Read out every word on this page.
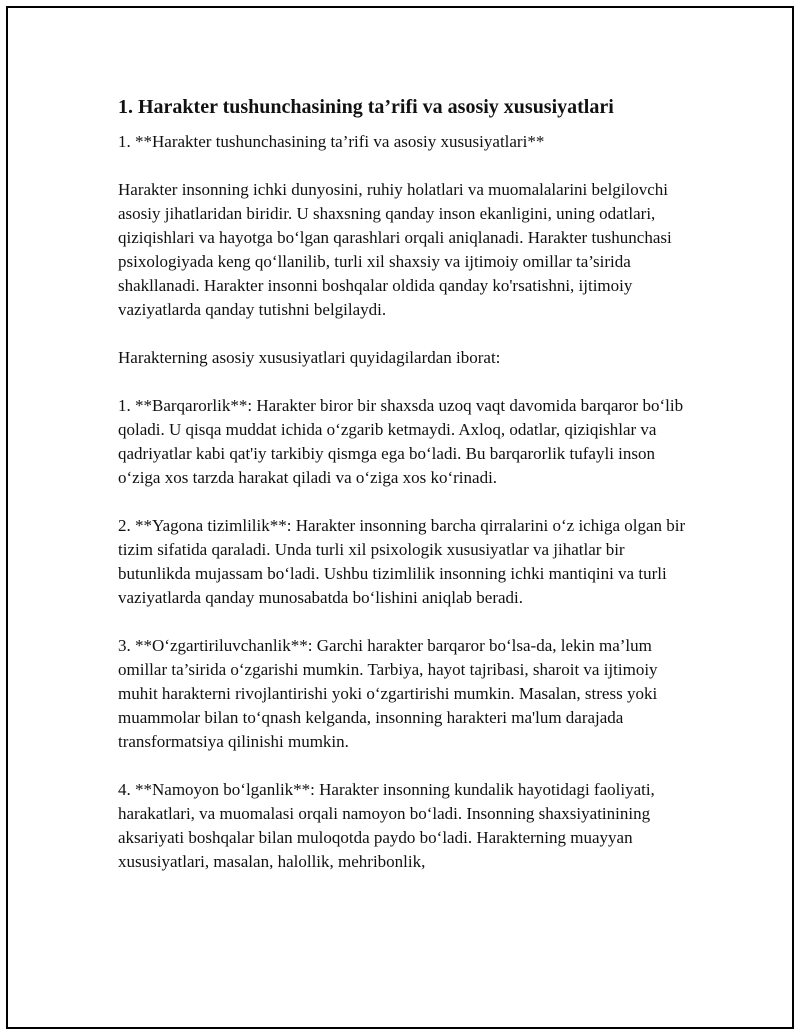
1. Harakter tushunchasining ta’rifi va asosiy xususiyatlari

1. **Harakter tushunchasining ta’rifi va asosiy xususiyatlari**

Harakter insonning ichki dunyosini, ruhiy holatlari va muomalalarini belgilovchi asosiy jihatlaridan biridir. U shaxsning qanday inson ekanligini, uning odatlari, qiziqishlari va hayotga bo‘lgan qarashlari orqali aniqlanadi. Harakter tushunchasi psixologiyada keng qo‘llanilib, turli xil shaxsiy va ijtimoiy omillar ta’sirida shakllanadi. Harakter insonni boshqalar oldida qanday ko'rsatishni, ijtimoiy vaziyatlarda qanday tutishni belgilaydi.

Harakterning asosiy xususiyatlari quyidagilardan iborat:

1. **Barqarorlik**: Harakter biror bir shaxsda uzoq vaqt davomida barqaror bo‘lib qoladi. U qisqa muddat ichida o‘zgarib ketmaydi. Axloq, odatlar, qiziqishlar va qadriyatlar kabi qat'iy tarkibiy qismga ega bo‘ladi. Bu barqarorlik tufayli inson o‘ziga xos tarzda harakat qiladi va o‘ziga xos ko‘rinadi.

2. **Yagona tizimlilik**: Harakter insonning barcha qirralarini o‘z ichiga olgan bir tizim sifatida qaraladi. Unda turli xil psixologik xususiyatlar va jihatlar bir butunlikda mujassam bo‘ladi. Ushbu tizimlilik insonning ichki mantiqini va turli vaziyatlarda qanday munosabatda bo‘lishini aniqlab beradi.

3. **O‘zgartiriluvchanlik**: Garchi harakter barqaror bo‘lsa-da, lekin ma’lum omillar ta’sirida o‘zgarishi mumkin. Tarbiya, hayot tajribasi, sharoit va ijtimoiy muhit harakterni rivojlantirishi yoki o‘zgartirishi mumkin. Masalan, stress yoki muammolar bilan to‘qnash kelganda, insonning harakteri ma'lum darajada transformatsiya qilinishi mumkin.

4. **Namoyon bo‘lganlik**: Harakter insonning kundalik hayotidagi faoliyati, harakatlari, va muomalasi orqali namoyon bo‘ladi. Insonning shaxsiyatinining aksariyati boshqalar bilan muloqotda paydo bo‘ladi. Harakterning muayyan xususiyatlari, masalan, halollik, mehribonlik,
